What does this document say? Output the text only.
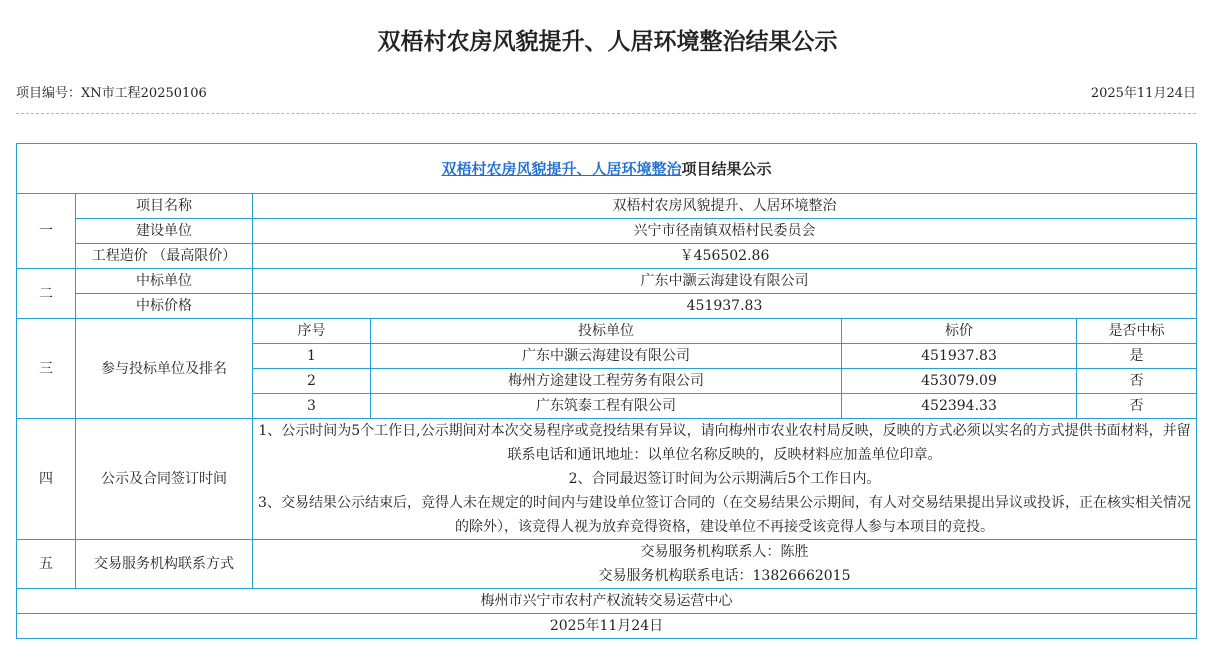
双梧村农房风貌提升、人居环境整治结果公示
项目编号：XN市工程20250106	2025年11月24日
双梧村农房风貌提升、人居环境整治项目结果公示					
一	项目名称	双梧村农房风貌提升、人居环境整治			
	建设单位	兴宁市径南镇双梧村民委员会			
	工程造价 （最高限价）	￥456502.86			
二	中标单位	广东中灏云海建设有限公司			
	中标价格	451937.83			
三	参与投标单位及排名	序号	投标单位	标价	是否中标
		1	广东中灏云海建设有限公司	451937.83	是
		2	梅州方途建设工程劳务有限公司	453079.09	否
		3	广东筑泰工程有限公司	452394.33	否
四	公示及合同签订时间	1、公示时间为5个工作日,公示期间对本次交易程序或竞投结果有异议，请向梅州市农业农村局反映，反映的方式必须以实名的方式提供书面材料，并留联系电话和通讯地址：以单位名称反映的，反映材料应加盖单位印章。
2、合同最迟签订时间为公示期满后5个工作日内。
3、交易结果公示结束后，竞得人未在规定的时间内与建设单位签订合同的（在交易结果公示期间，有人对交易结果提出异议或投诉，正在核实相关情况的除外），该竞得人视为放弃竞得资格，建设单位不再接受该竞得人参与本项目的竞投。			

五	交易服务机构联系方式	交易服务机构联系人：陈胜
交易服务机构联系电话：13826662015			

梅州市兴宁市农村产权流转交易运营中心					
2025年11月24日					
